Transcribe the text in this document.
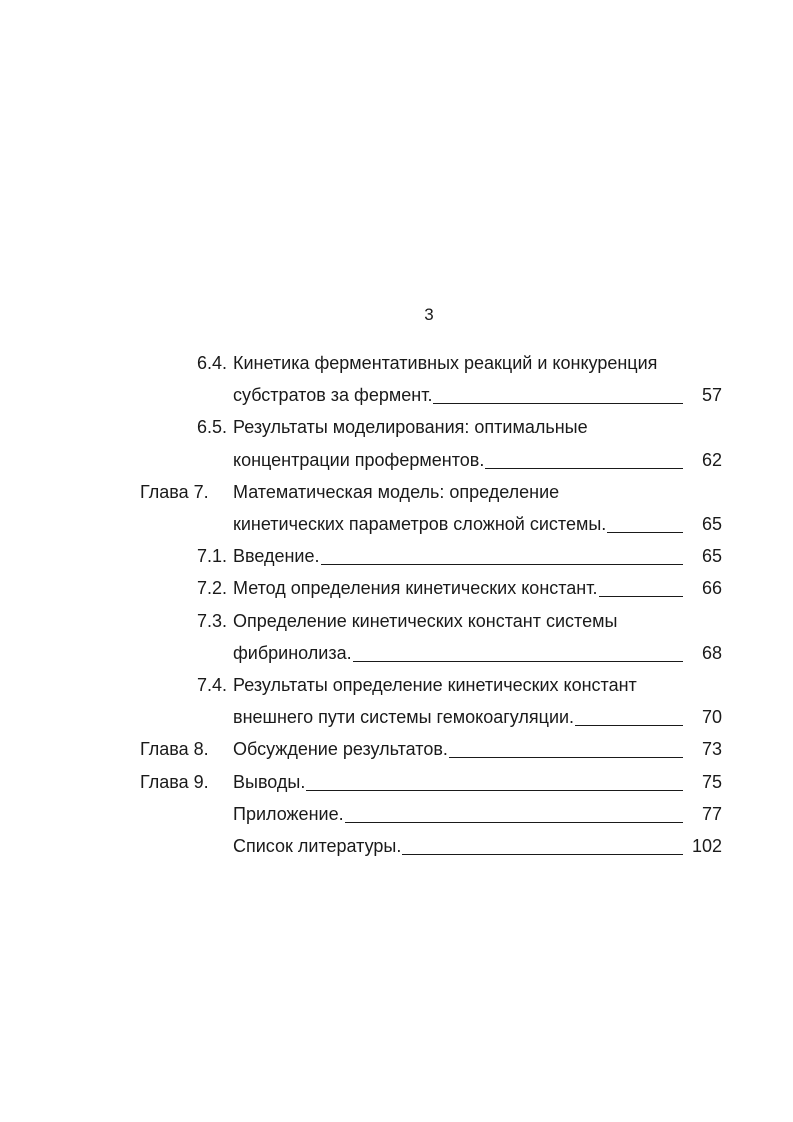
3
6.4. Кинетика ферментативных реакций и конкуренция
субстратов за фермент.	57
6.5. Результаты моделирования: оптимальные
концентрации проферментов.	62
Глава 7. Математическая модель: определение
кинетических параметров сложной системы.	65
7.1. Введение.	65
7.2. Метод определения кинетических констант.	66
7.3. Определение кинетических констант системы
фибринолиза.	68
7.4. Результаты определение кинетических констант
внешнего пути системы гемокоагуляции.	70
Глава 8. Обсуждение результатов.	73
Глава 9. Выводы.	75
Приложение.	77
Список литературы.	102
